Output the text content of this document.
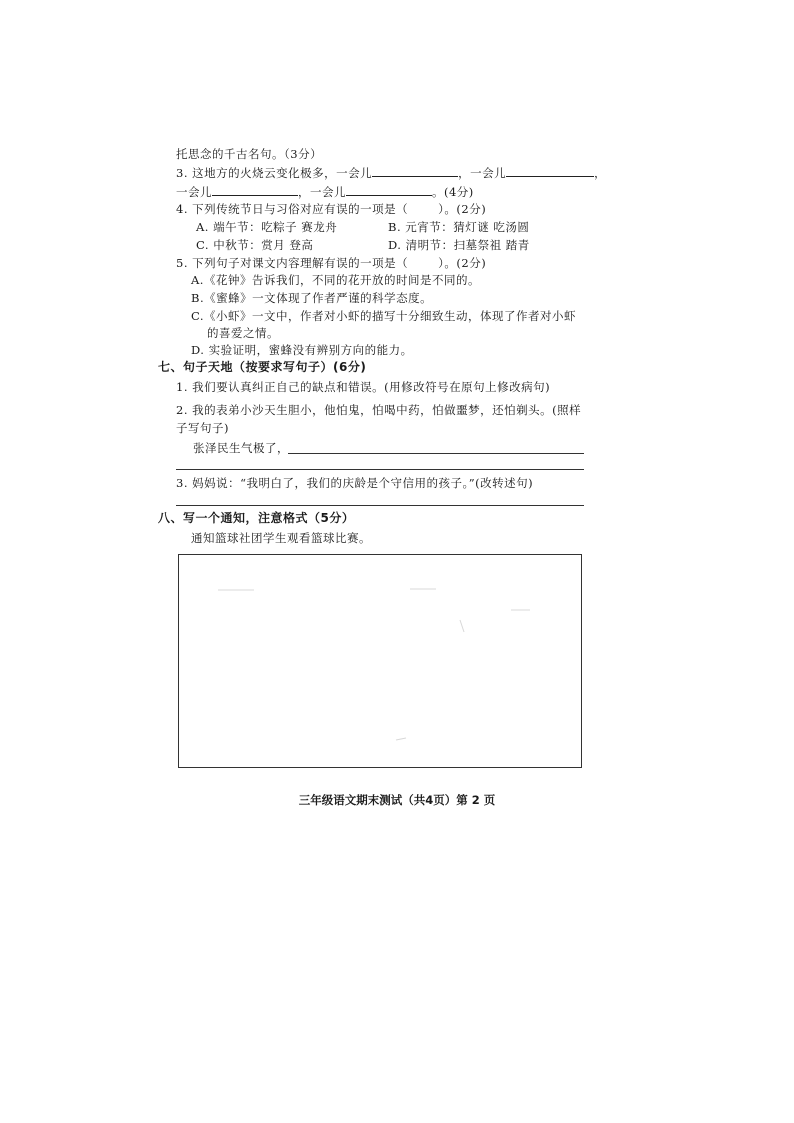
托思念的千古名句。（3分）
3. 这地方的火烧云变化极多，一会儿	，一会儿	，
一会儿	，一会儿	。(4分)
4. 下列传统节日与习俗对应有误的一项是（	）。(2分)
A. 端午节：吃粽子 赛龙舟	B. 元宵节：猜灯谜 吃汤圆
C. 中秋节：赏月 登高	D. 清明节：扫墓祭祖 踏青
5. 下列句子对课文内容理解有误的一项是（	）。(2分)
A.《花钟》告诉我们，不同的花开放的时间是不同的。
B.《蜜蜂》一文体现了作者严谨的科学态度。
C.《小虾》一文中，作者对小虾的描写十分细致生动，体现了作者对小虾
的喜爱之情。
D. 实验证明，蜜蜂没有辨别方向的能力。
七、句子天地（按要求写句子）(6分)
1. 我们要认真纠正自己的缺点和错误。(用修改符号在原句上修改病句)
2. 我的表弟小沙天生胆小，他怕鬼，怕喝中药，怕做噩梦，还怕剃头。(照样
子写句子)
张泽民生气极了，
3. 妈妈说：“我明白了，我们的庆龄是个守信用的孩子。”(改转述句)
八、写一个通知，注意格式（5分）
通知篮球社团学生观看篮球比赛。
三年级语文期末测试（共4页）第 2 页
